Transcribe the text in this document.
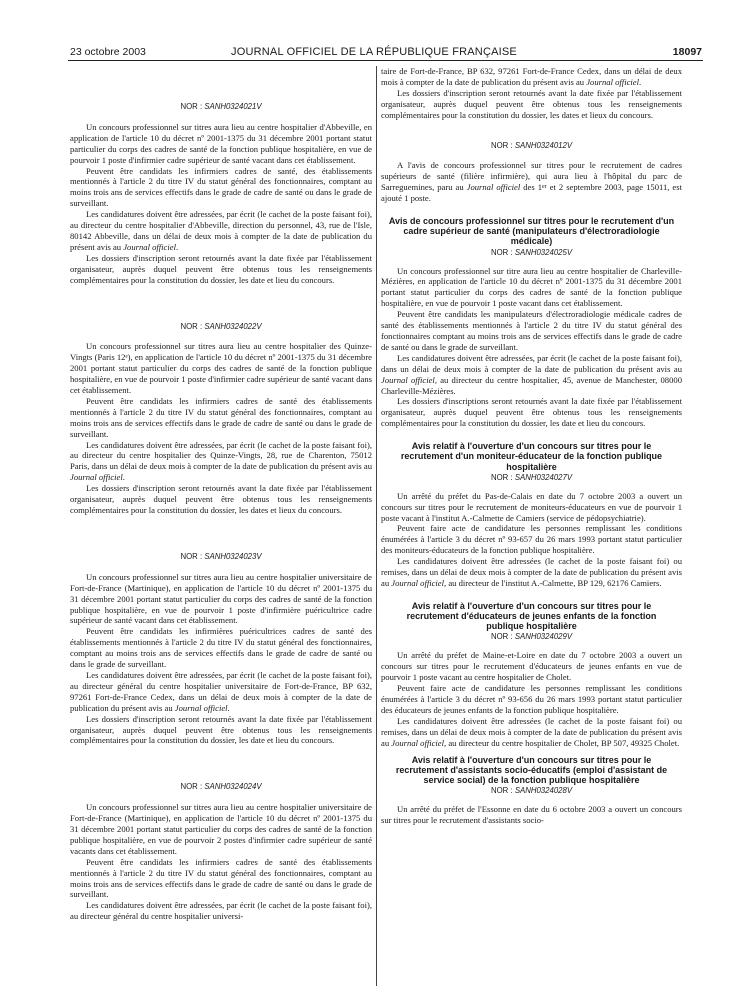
23 octobre 2003	JOURNAL OFFICIEL DE LA RÉPUBLIQUE FRANÇAISE	18097
NOR : SANH0324021V

Un concours professionnel sur titres aura lieu au centre hospitalier d'Abbeville, en application de l'article 10 du décret nº 2001-1375 du 31 décembre 2001 portant statut particulier du corps des cadres de santé de la fonction publique hospitalière, en vue de pourvoir 1 poste d'infirmier cadre supérieur de santé vacant dans cet établissement.

Peuvent être candidats les infirmiers cadres de santé, des établissements mentionnés à l'article 2 du titre IV du statut général des fonctionnaires, comptant au moins trois ans de services effectifs dans le grade de cadre de santé ou dans le grade de surveillant.

Les candidatures doivent être adressées, par écrit (le cachet de la poste faisant foi), au directeur du centre hospitalier d'Abbeville, direction du personnel, 43, rue de l'Isle, 80142 Abbeville, dans un délai de deux mois à compter de la date de publication du présent avis au Journal officiel.

Les dossiers d'inscription seront retournés avant la date fixée par l'établissement organisateur, auprès duquel peuvent être obtenus tous les renseignements complémentaires pour la constitution du dossier, les date et lieu du concours.

NOR : SANH0324022V

Un concours professionnel sur titres aura lieu au centre hospitalier des Quinze-Vingts (Paris 12ᵉ), en application de l'article 10 du décret nº 2001-1375 du 31 décembre 2001 portant statut particulier du corps des cadres de santé de la fonction publique hospitalière, en vue de pourvoir 1 poste d'infirmier cadre supérieur de santé vacant dans cet établissement.

Peuvent être candidats les infirmiers cadres de santé des établissements mentionnés à l'article 2 du titre IV du statut général des fonctionnaires, comptant au moins trois ans de services effectifs dans le grade de cadre de santé ou dans le grade de surveillant.

Les candidatures doivent être adressées, par écrit (le cachet de la poste faisant foi), au directeur du centre hospitalier des Quinze-Vingts, 28, rue de Charenton, 75012 Paris, dans un délai de deux mois à compter de la date de publication du présent avis au Journal officiel.

Les dossiers d'inscription seront retournés avant la date fixée par l'établissement organisateur, auprès duquel peuvent être obtenus tous les renseignements complémentaires pour la constitution du dossier, les dates et lieux du concours.

NOR : SANH0324023V

Un concours professionnel sur titres aura lieu au centre hospitalier universitaire de Fort-de-France (Martinique), en application de l'article 10 du décret nº 2001-1375 du 31 décembre 2001 portant statut particulier du corps des cadres de santé de la fonction publique hospitalière, en vue de pourvoir 1 poste d'infirmière puéricultrice cadre supérieur de santé vacant dans cet établissement.

Peuvent être candidats les infirmières puéricultrices cadres de santé des établissements mentionnés à l'article 2 du titre IV du statut général des fonctionnaires, comptant au moins trois ans de services effectifs dans le grade de cadre de santé ou dans le grade de surveillant.

Les candidatures doivent être adressées, par écrit (le cachet de la poste faisant foi), au directeur général du centre hospitalier universitaire de Fort-de-France, BP 632, 97261 Fort-de-France Cedex, dans un délai de deux mois à compter de la date de publication du présent avis au Journal officiel.

Les dossiers d'inscription seront retournés avant la date fixée par l'établissement organisateur, auprès duquel peuvent être obtenus tous les renseignements complémentaires pour la constitution du dossier, les date et lieu du concours.

NOR : SANH0324024V

Un concours professionnel sur titres aura lieu au centre hospitalier universitaire de Fort-de-France (Martinique), en application de l'article 10 du décret nº 2001-1375 du 31 décembre 2001 portant statut particulier du corps des cadres de santé de la fonction publique hospitalière, en vue de pourvoir 2 postes d'infirmier cadre supérieur de santé vacants dans cet établissement.

Peuvent être candidats les infirmiers cadres de santé des établissements mentionnés à l'article 2 du titre IV du statut général des fonctionnaires, comptant au moins trois ans de services effectifs dans le grade de cadre de santé ou dans le grade de surveillant.

Les candidatures doivent être adressées, par écrit (le cachet de la poste faisant foi), au directeur général du centre hospitalier universi-

taire de Fort-de-France, BP 632, 97261 Fort-de-France Cedex, dans un délai de deux mois à compter de la date de publication du présent avis au Journal officiel.

Les dossiers d'inscription seront retournés avant la date fixée par l'établissement organisateur, auprès duquel peuvent être obtenus tous les renseignements complémentaires pour la constitution du dossier, les dates et lieux du concours.

NOR : SANH0324012V

A l'avis de concours professionnel sur titres pour le recrutement de cadres supérieurs de santé (filière infirmière), qui aura lieu à l'hôpital du parc de Sarreguemines, paru au Journal officiel des 1er et 2 septembre 2003, page 15011, est ajouté 1 poste.

Avis de concours professionnel sur titres pour le recrutement d'un cadre supérieur de santé (manipulateurs d'électroradiologie médicale)
NOR : SANH0324025V

Un concours professionnel sur titre aura lieu au centre hospitalier de Charleville-Mézières, en application de l'article 10 du décret nº 2001-1375 du 31 décembre 2001 portant statut particulier du corps des cadres de santé de la fonction publique hospitalière, en vue de pourvoir 1 poste vacant dans cet établissement.

Peuvent être candidats les manipulateurs d'électroradiologie médicale cadres de santé des établissements mentionnés à l'article 2 du titre IV du statut général des fonctionnaires comptant au moins trois ans de services effectifs dans le grade de cadre de santé ou dans le grade de surveillant.

Les candidatures doivent être adressées, par écrit (le cachet de la poste faisant foi), dans un délai de deux mois à compter de la date de publication du présent avis au Journal officiel, au directeur du centre hospitalier, 45, avenue de Manchester, 08000 Charleville-Mézières.

Les dossiers d'inscriptions seront retournés avant la date fixée par l'établissement organisateur, auprès duquel peuvent être obtenus tous les renseignements complémentaires pour la constitution du dossier, les date et lieu du concours.

Avis relatif à l'ouverture d'un concours sur titres pour le recrutement d'un moniteur-éducateur de la fonction publique hospitalière
NOR : SANH0324027V

Un arrêté du préfet du Pas-de-Calais en date du 7 octobre 2003 a ouvert un concours sur titres pour le recrutement de moniteurs-éducateurs en vue de pourvoir 1 poste vacant à l'institut A.-Calmette de Camiers (service de pédopsychiatrie).

Peuvent faire acte de candidature les personnes remplissant les conditions énumérées à l'article 3 du décret nº 93-657 du 26 mars 1993 portant statut particulier des moniteurs-éducateurs de la fonction publique hospitalière.

Les candidatures doivent être adressées (le cachet de la poste faisant foi) ou remises, dans un délai de deux mois à compter de la date de publication du présent avis au Journal officiel, au directeur de l'institut A.-Calmette, BP 129, 62176 Camiers.

Avis relatif à l'ouverture d'un concours sur titres pour le recrutement d'éducateurs de jeunes enfants de la fonction publique hospitalière
NOR : SANH0324029V

Un arrêté du préfet de Maine-et-Loire en date du 7 octobre 2003 a ouvert un concours sur titres pour le recrutement d'éducateurs de jeunes enfants en vue de pourvoir 1 poste vacant au centre hospitalier de Cholet.

Peuvent faire acte de candidature les personnes remplissant les conditions énumérées à l'article 3 du décret nº 93-656 du 26 mars 1993 portant statut particulier des éducateurs de jeunes enfants de la fonction publique hospitalière.

Les candidatures doivent être adressées (le cachet de la poste faisant foi) ou remises, dans un délai de deux mois à compter de la date de publication du présent avis au Journal officiel, au directeur du centre hospitalier de Cholet, BP 507, 49325 Cholet.

Avis relatif à l'ouverture d'un concours sur titres pour le recrutement d'assistants socio-éducatifs (emploi d'assistant de service social) de la fonction publique hospitalière
NOR : SANH0324028V

Un arrêté du préfet de l'Essonne en date du 6 octobre 2003 a ouvert un concours sur titres pour le recrutement d'assistants socio-
